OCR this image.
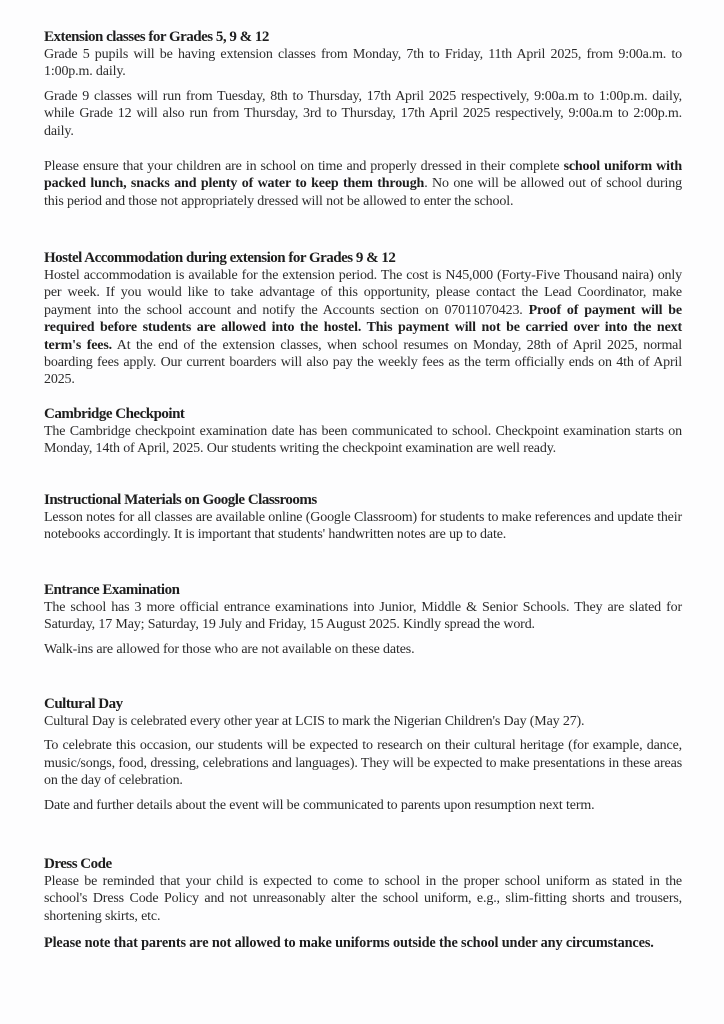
Extension classes for Grades 5, 9 & 12

Grade 5 pupils will be having extension classes from Monday, 7th to Friday, 11th April 2025, from 9:00a.m. to 1:00p.m. daily.

Grade 9 classes will run from Tuesday, 8th to Thursday, 17th April 2025 respectively, 9:00a.m to 1:00p.m. daily, while Grade 12 will also run from Thursday, 3rd to Thursday, 17th April 2025 respectively, 9:00a.m to 2:00p.m. daily.

Please ensure that your children are in school on time and properly dressed in their complete school uniform with packed lunch, snacks and plenty of water to keep them through. No one will be allowed out of school during this period and those not appropriately dressed will not be allowed to enter the school.

Hostel Accommodation during extension for Grades 9 & 12

Hostel accommodation is available for the extension period. The cost is N45,000 (Forty-Five Thousand naira) only per week. If you would like to take advantage of this opportunity, please contact the Lead Coordinator, make payment into the school account and notify the Accounts section on 07011070423. Proof of payment will be required before students are allowed into the hostel. This payment will not be carried over into the next term's fees. At the end of the extension classes, when school resumes on Monday, 28th of April 2025, normal boarding fees apply. Our current boarders will also pay the weekly fees as the term officially ends on 4th of April 2025.

Cambridge Checkpoint

The Cambridge checkpoint examination date has been communicated to school. Checkpoint examination starts on Monday, 14th of April, 2025. Our students writing the checkpoint examination are well ready.

Instructional Materials on Google Classrooms

Lesson notes for all classes are available online (Google Classroom) for students to make references and update their notebooks accordingly. It is important that students' handwritten notes are up to date.

Entrance Examination

The school has 3 more official entrance examinations into Junior, Middle & Senior Schools. They are slated for Saturday, 17 May; Saturday, 19 July and Friday, 15 August 2025. Kindly spread the word.

Walk-ins are allowed for those who are not available on these dates.

Cultural Day

Cultural Day is celebrated every other year at LCIS to mark the Nigerian Children's Day (May 27).

To celebrate this occasion, our students will be expected to research on their cultural heritage (for example, dance, music/songs, food, dressing, celebrations and languages). They will be expected to make presentations in these areas on the day of celebration.

Date and further details about the event will be communicated to parents upon resumption next term.

Dress Code

Please be reminded that your child is expected to come to school in the proper school uniform as stated in the school's Dress Code Policy and not unreasonably alter the school uniform, e.g., slim-fitting shorts and trousers, shortening skirts, etc.

Please note that parents are not allowed to make uniforms outside the school under any circumstances.
